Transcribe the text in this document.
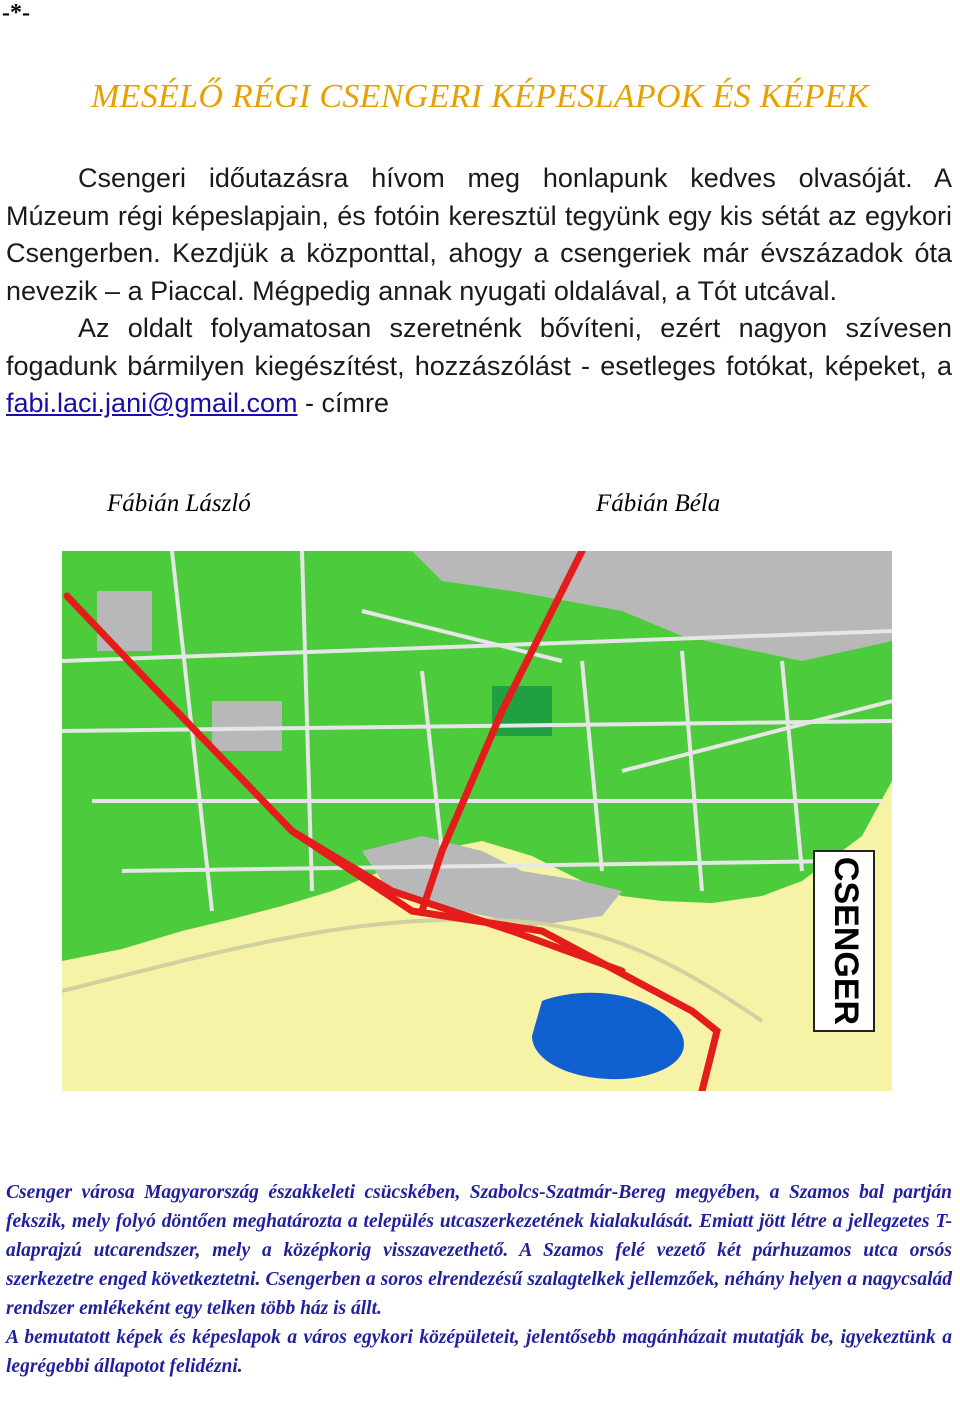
-*-
MESÉLŐ RÉGI CSENGERI KÉPESLAPOK ÉS KÉPEK

Csengeri időutazásra hívom meg honlapunk kedves olvasóját. A Múzeum régi képeslapjain, és fotóin keresztül tegyünk egy kis sétát az egykori Csengerben. Kezdjük a központtal, ahogy a csengeriek már évszázadok óta nevezik – a Piaccal. Mégpedig annak nyugati oldalával, a Tót utcával.

Az oldalt folyamatosan szeretnénk bővíteni, ezért nagyon szívesen fogadunk bármilyen kiegészítést, hozzászólást - esetleges fotókat, képeket, a fabi.laci.jani@gmail.com - címre

Fábián László	Fábián Béla
CSENGER

Csenger városa Magyarország északkeleti csücskében, Szabolcs-Szatmár-Bereg megyében, a Szamos bal partján fekszik, mely folyó döntően meghatározta a település utcaszerkezetének kialakulását. Emiatt jött létre a jellegzetes T- alaprajzú utcarendszer, mely a középkorig visszavezethető. A Szamos felé vezető két párhuzamos utca orsós szerkezetre enged következtetni. Csengerben a soros elrendezésű szalagtelkek jellemzőek, néhány helyen a nagycsalád rendszer emlékeként egy telken több ház is állt.

A bemutatott képek és képeslapok a város egykori középületeit, jelentősebb magánházait mutatják be, igyekeztünk a legrégebbi állapotot felidézni.
